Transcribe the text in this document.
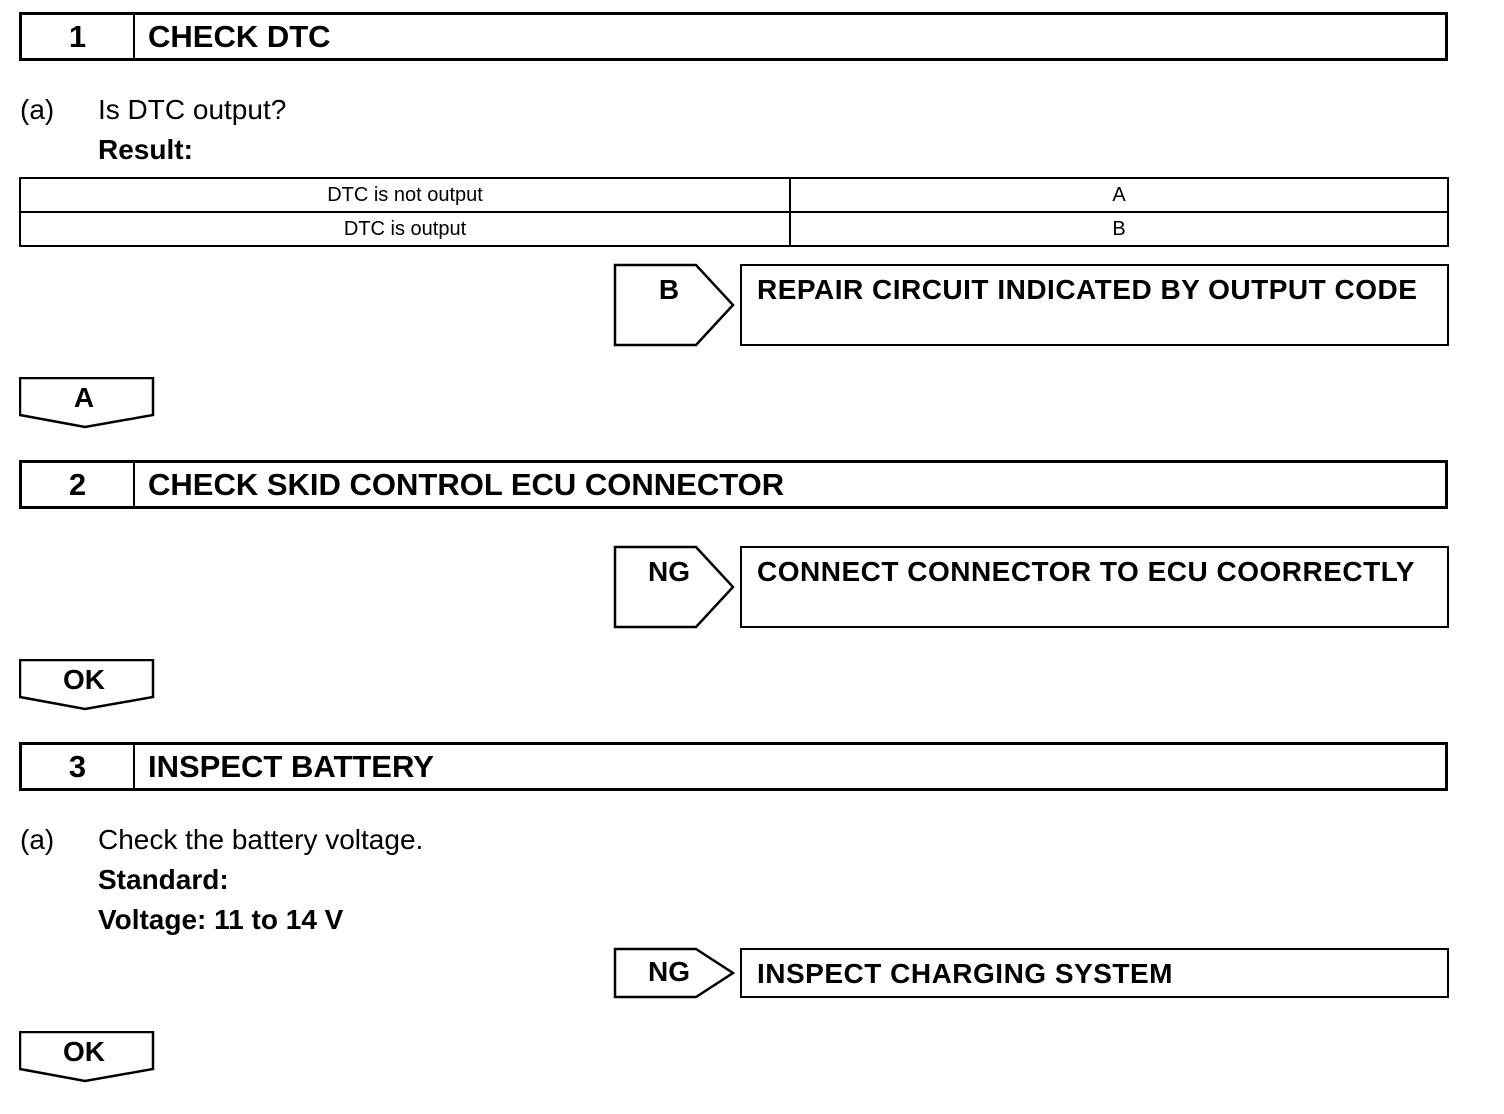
1	CHECK DTC
(a) Is DTC output?
Result:
DTC is not output	A
DTC is output	B
B	REPAIR CIRCUIT INDICATED BY OUTPUT CODE
A
2	CHECK SKID CONTROL ECU CONNECTOR
NG	CONNECT CONNECTOR TO ECU COORRECTLY
OK
3	INSPECT BATTERY
(a) Check the battery voltage.
Standard:
Voltage: 11 to 14 V
NG	INSPECT CHARGING SYSTEM
OK
